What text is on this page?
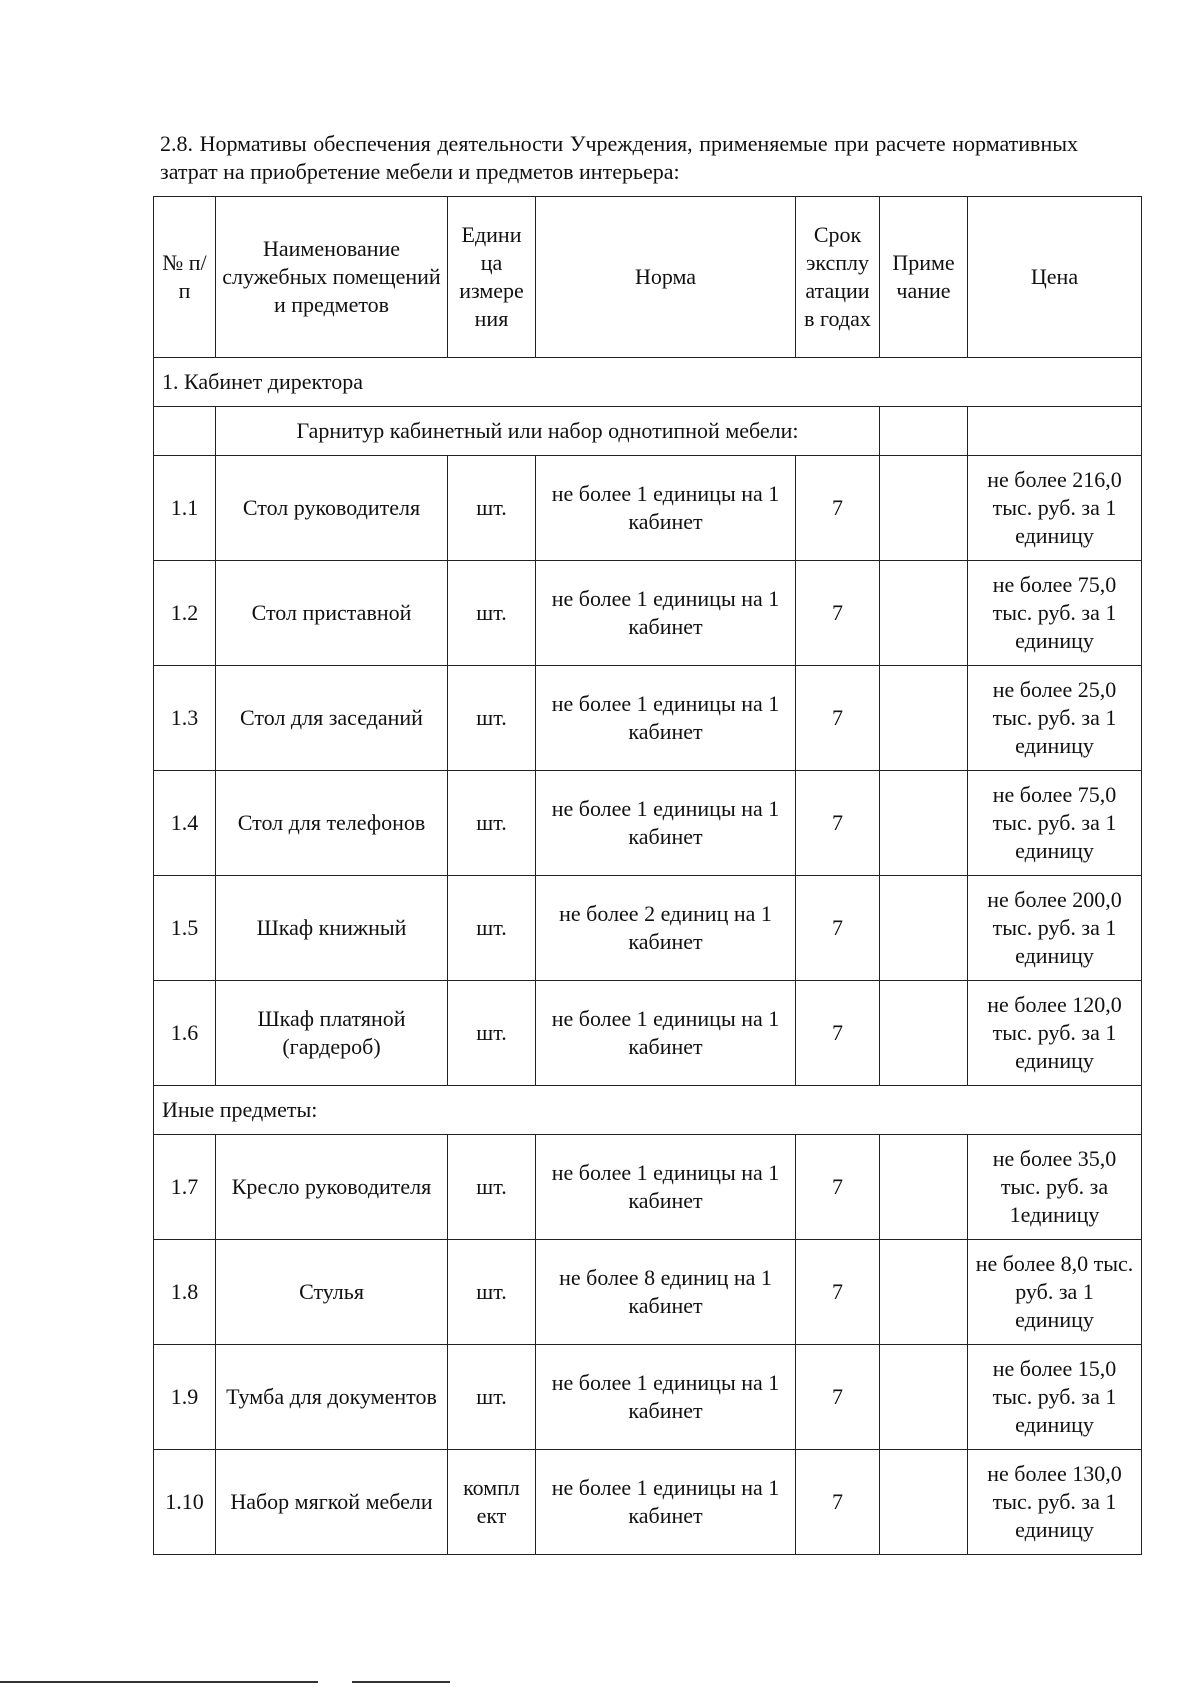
2.8. Нормативы обеспечения деятельности Учреждения, применяемые при расчете нормативных затрат на приобретение мебели и предметов интерьера:

№ п/п	Наименование служебных помещений и предметов	Едини ца измере ния	Норма	Срок эксплу атации в годах	Приме чание	Цена
1. Кабинет директора						
	Гарнитур кабинетный или набор однотипной мебели:					
1.1	Стол руководителя	шт.	не более 1 единицы на 1 кабинет	7		не более 216,0 тыс. руб. за 1 единицу
1.2	Стол приставной	шт.	не более 1 единицы на 1 кабинет	7		не более 75,0 тыс. руб. за 1 единицу
1.3	Стол для заседаний	шт.	не более 1 единицы на 1 кабинет	7		не более 25,0 тыс. руб. за 1 единицу
1.4	Стол для телефонов	шт.	не более 1 единицы на 1 кабинет	7		не более 75,0 тыс. руб. за 1 единицу
1.5	Шкаф книжный	шт.	не более 2 единиц на 1 кабинет	7		не более 200,0 тыс. руб. за 1 единицу
1.6	Шкаф платяной (гардероб)	шт.	не более 1 единицы на 1 кабинет	7		не более 120,0 тыс. руб. за 1 единицу
Иные предметы:						
1.7	Кресло руководителя	шт.	не более 1 единицы на 1 кабинет	7		не более 35,0 тыс. руб. за 1единицу
1.8	Стулья	шт.	не более 8 единиц на 1 кабинет	7		не более 8,0 тыс. руб. за 1 единицу
1.9	Тумба для документов	шт.	не более 1 единицы на 1 кабинет	7		не более 15,0 тыс. руб. за 1 единицу
1.10	Набор мягкой мебели	компл ект	не более 1 единицы на 1 кабинет	7		не более 130,0 тыс. руб. за 1 единицу
